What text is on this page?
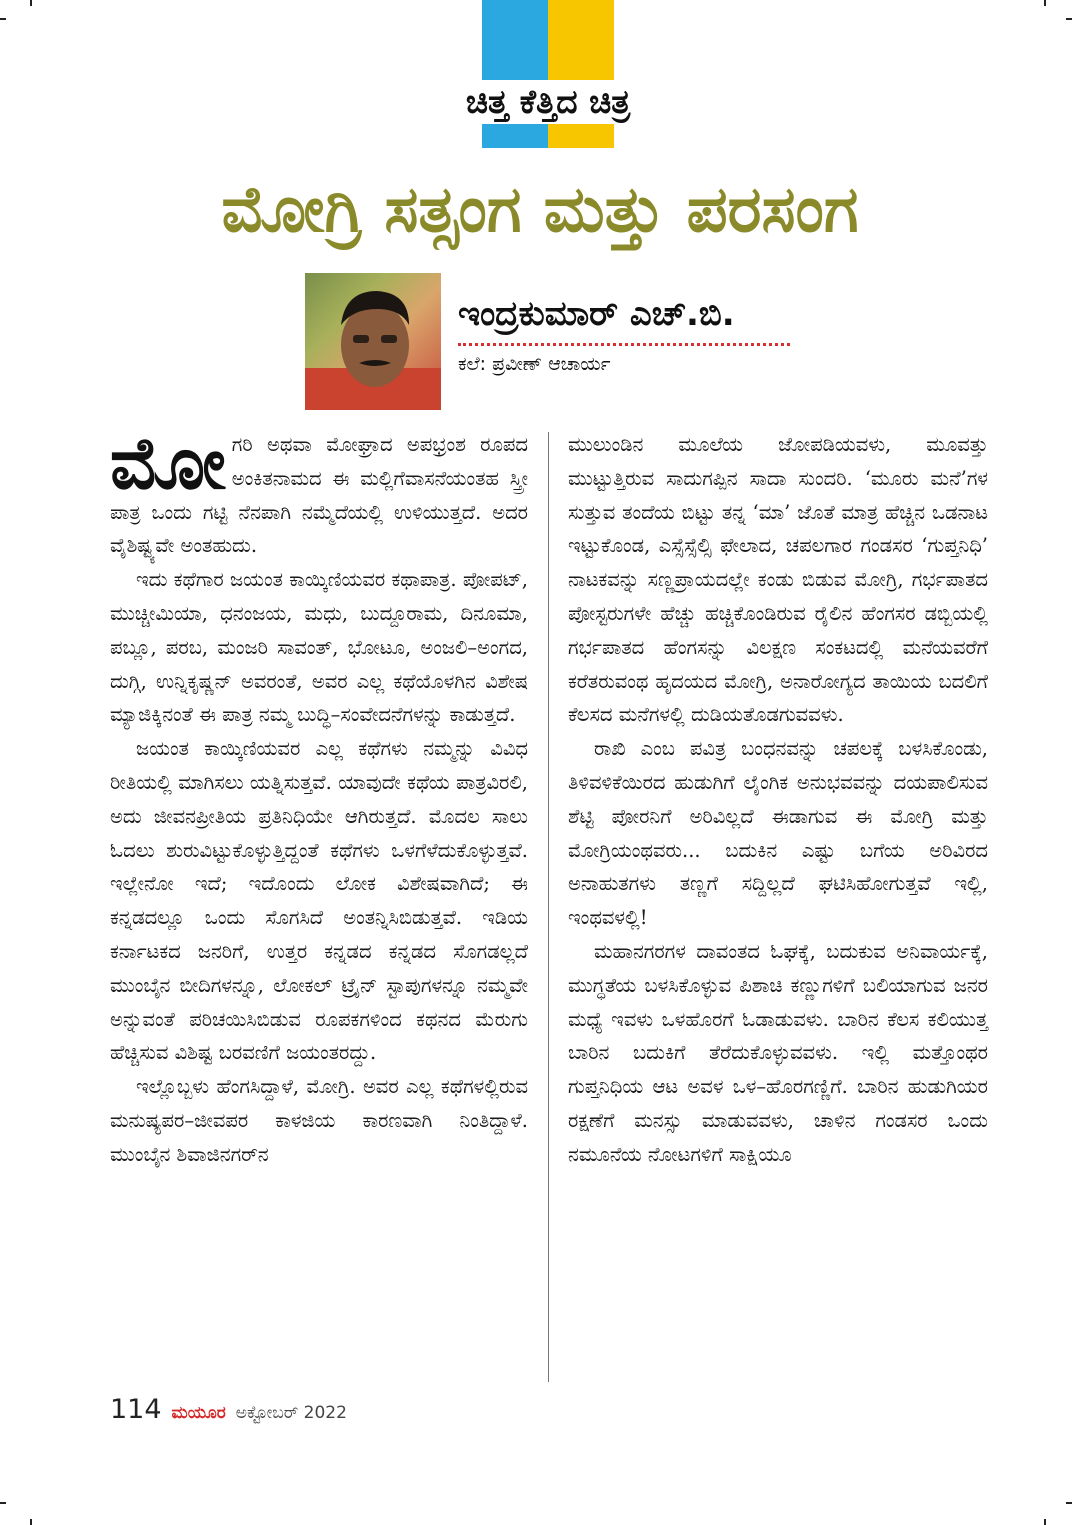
ಚಿತ್ತ ಕೆತ್ತಿದ ಚಿತ್ರ
ಮೋಗ್ರಿ ಸತ್ಸಂಗ ಮತ್ತು ಪರಸಂಗ
ಇಂದ್ರಕುಮಾರ್ ಎಚ್.ಬಿ.
ಕಲೆ: ಪ್ರವೀಣ್ ಆಚಾರ್ಯ

ಮೋಗರಿ ಅಥವಾ ಮೋಘ್ರಾದ ಅಪಭ್ರಂಶ ರೂಪದ ಅಂಕಿತನಾಮದ ಈ ಮಲ್ಲಿಗೆವಾಸನೆಯಂತಹ ಸ್ತ್ರೀ ಪಾತ್ರ ಒಂದು ಗಟ್ಟಿ ನೆನಪಾಗಿ ನಮ್ಮೆದೆಯಲ್ಲಿ ಉಳಿಯುತ್ತದೆ. ಅದರ ವೈಶಿಷ್ಟ್ಯವೇ ಅಂತಹುದು.

ಇದು ಕಥೆಗಾರ ಜಯಂತ ಕಾಯ್ಕಿಣಿಯವರ ಕಥಾಪಾತ್ರ. ಪೋಪಟ್, ಮುಚ್ಚೀಮಿಯಾ, ಧನಂಜಯ, ಮಧು, ಬುದ್ದೂರಾಮ, ದಿನೂಮಾ, ಪಬ್ಲೂ, ಪರಬ, ಮಂಜರಿ ಸಾವಂತ್, ಭೋಟೂ, ಅಂಜಲಿ–ಅಂಗದ, ದುಗ್ಗಿ, ಉನ್ನಿಕೃಷ್ಣನ್ ಅವರಂತೆ, ಅವರ ಎಲ್ಲ ಕಥೆಯೊಳಗಿನ ವಿಶೇಷ ಮ್ಯಾಜಿಕ್ಕಿನಂತೆ ಈ ಪಾತ್ರ ನಮ್ಮ ಬುದ್ಧಿ–ಸಂವೇದನೆಗಳನ್ನು ಕಾಡುತ್ತದೆ.

ಜಯಂತ ಕಾಯ್ಕಿಣಿಯವರ ಎಲ್ಲ ಕಥೆಗಳು ನಮ್ಮನ್ನು ವಿವಿಧ ರೀತಿಯಲ್ಲಿ ಮಾಗಿಸಲು ಯತ್ನಿಸುತ್ತವೆ. ಯಾವುದೇ ಕಥೆಯ ಪಾತ್ರವಿರಲಿ, ಅದು ಜೀವನಪ್ರೀತಿಯ ಪ್ರತಿನಿಧಿಯೇ ಆಗಿರುತ್ತದೆ. ಮೊದಲ ಸಾಲು ಓದಲು ಶುರುವಿಟ್ಟುಕೊಳ್ಳುತ್ತಿದ್ದಂತೆ ಕಥೆಗಳು ಒಳಗೆಳೆದುಕೊಳ್ಳುತ್ತವೆ. ಇಲ್ಲೇನೋ ಇದೆ; ಇದೊಂದು ಲೋಕ ವಿಶೇಷವಾಗಿದೆ; ಈ ಕನ್ನಡದಲ್ಲೂ ಒಂದು ಸೊಗಸಿದೆ ಅಂತನ್ನಿಸಿಬಿಡುತ್ತವೆ. ಇಡಿಯ ಕರ್ನಾಟಕದ ಜನರಿಗೆ, ಉತ್ತರ ಕನ್ನಡದ ಕನ್ನಡದ ಸೊಗಡಲ್ಲದೆ ಮುಂಬೈನ ಬೀದಿಗಳನ್ನೂ, ಲೋಕಲ್ ಟ್ರೈನ್ ಸ್ಟಾಪುಗಳನ್ನೂ ನಮ್ಮವೇ ಅನ್ನುವಂತೆ ಪರಿಚಯಿಸಿಬಿಡುವ ರೂಪಕಗಳಿಂದ ಕಥನದ ಮೆರುಗು ಹೆಚ್ಚಿಸುವ ವಿಶಿಷ್ಟ ಬರವಣಿಗೆ ಜಯಂತರದ್ದು.

ಇಲ್ಲೊಬ್ಬಳು ಹೆಂಗಸಿದ್ದಾಳೆ, ಮೋಗ್ರಿ. ಅವರ ಎಲ್ಲ ಕಥೆಗಳಲ್ಲಿರುವ ಮನುಷ್ಯಪರ–ಜೀವಪರ ಕಾಳಜಿಯ ಕಾರಣವಾಗಿ ನಿಂತಿದ್ದಾಳೆ. ಮುಂಬೈನ ಶಿವಾಜಿನಗರ್‌ನ

ಮುಲುಂಡಿನ ಮೂಲೆಯ ಜೋಪಡಿಯವಳು, ಮೂವತ್ತು ಮುಟ್ಟುತ್ತಿರುವ ಸಾದುಗಪ್ಪಿನ ಸಾದಾ ಸುಂದರಿ. ‘ಮೂರು ಮನೆ’ಗಳ ಸುತ್ತುವ ತಂದೆಯ ಬಿಟ್ಟು ತನ್ನ ‘ಮಾ’ ಜೊತೆ ಮಾತ್ರ ಹೆಚ್ಚಿನ ಒಡನಾಟ ಇಟ್ಟುಕೊಂಡ, ಎಸ್ಸೆಸ್ಸೆಲ್ಸಿ ಫೇಲಾದ, ಚಪಲಗಾರ ಗಂಡಸರ ‘ಗುಪ್ತನಿಧಿ’ ನಾಟಕವನ್ನು ಸಣ್ಣಪ್ರಾಯದಲ್ಲೇ ಕಂಡು ಬಿಡುವ ಮೋಗ್ರಿ, ಗರ್ಭಪಾತದ ಪೋಸ್ಟರುಗಳೇ ಹೆಚ್ಚು ಹಚ್ಚಿಕೊಂಡಿರುವ ರೈಲಿನ ಹೆಂಗಸರ ಡಬ್ಬಿಯಲ್ಲಿ ಗರ್ಭಪಾತದ ಹೆಂಗಸನ್ನು ವಿಲಕ್ಷಣ ಸಂಕಟದಲ್ಲಿ ಮನೆಯವರೆಗೆ ಕರೆತರುವಂಥ ಹೃದಯದ ಮೋಗ್ರಿ, ಅನಾರೋಗ್ಯದ ತಾಯಿಯ ಬದಲಿಗೆ ಕೆಲಸದ ಮನೆಗಳಲ್ಲಿ ದುಡಿಯತೊಡಗುವವಳು.

ರಾಖಿ ಎಂಬ ಪವಿತ್ರ ಬಂಧನವನ್ನು ಚಪಲಕ್ಕೆ ಬಳಸಿಕೊಂಡು, ತಿಳಿವಳಿಕೆಯಿರದ ಹುಡುಗಿಗೆ ಲೈಂಗಿಕ ಅನುಭವವನ್ನು ದಯಪಾಲಿಸುವ ಶೆಟ್ಟಿ ಪೋರನಿಗೆ ಅರಿವಿಲ್ಲದೆ ಈಡಾಗುವ ಈ ಮೋಗ್ರಿ ಮತ್ತು ಮೋಗ್ರಿಯಂಥವರು... ಬದುಕಿನ ಎಷ್ಟು ಬಗೆಯ ಅರಿವಿರದ ಅನಾಹುತಗಳು ತಣ್ಣಗೆ ಸದ್ದಿಲ್ಲದೆ ಘಟಿಸಿಹೋಗುತ್ತವೆ ಇಲ್ಲಿ, ಇಂಥವಳಲ್ಲಿ!

ಮಹಾನಗರಗಳ ದಾವಂತದ ಓಘಕ್ಕೆ, ಬದುಕುವ ಅನಿವಾರ್ಯಕ್ಕೆ, ಮುಗ್ಧತೆಯ ಬಳಸಿಕೊಳ್ಳುವ ಪಿಶಾಚಿ ಕಣ್ಣುಗಳಿಗೆ ಬಲಿಯಾಗುವ ಜನರ ಮಧ್ಯೆ ಇವಳು ಒಳಹೊರಗೆ ಓಡಾಡುವಳು. ಬಾರಿನ ಕೆಲಸ ಕಲಿಯುತ್ತ ಬಾರಿನ ಬದುಕಿಗೆ ತೆರೆದುಕೊಳ್ಳುವವಳು. ಇಲ್ಲಿ ಮತ್ತೊಂಥರ ಗುಪ್ತನಿಧಿಯ ಆಟ ಅವಳ ಒಳ–ಹೊರಗಣ್ಣಿಗೆ. ಬಾರಿನ ಹುಡುಗಿಯರ ರಕ್ಷಣೆಗೆ ಮನಸ್ಸು ಮಾಡುವವಳು, ಚಾಳಿನ ಗಂಡಸರ ಒಂದು ನಮೂನೆಯ ನೋಟಗಳಿಗೆ ಸಾಕ್ಷಿಯೂ

114 ಮಯೂರ ಅಕ್ಟೋಬರ್ 2022
